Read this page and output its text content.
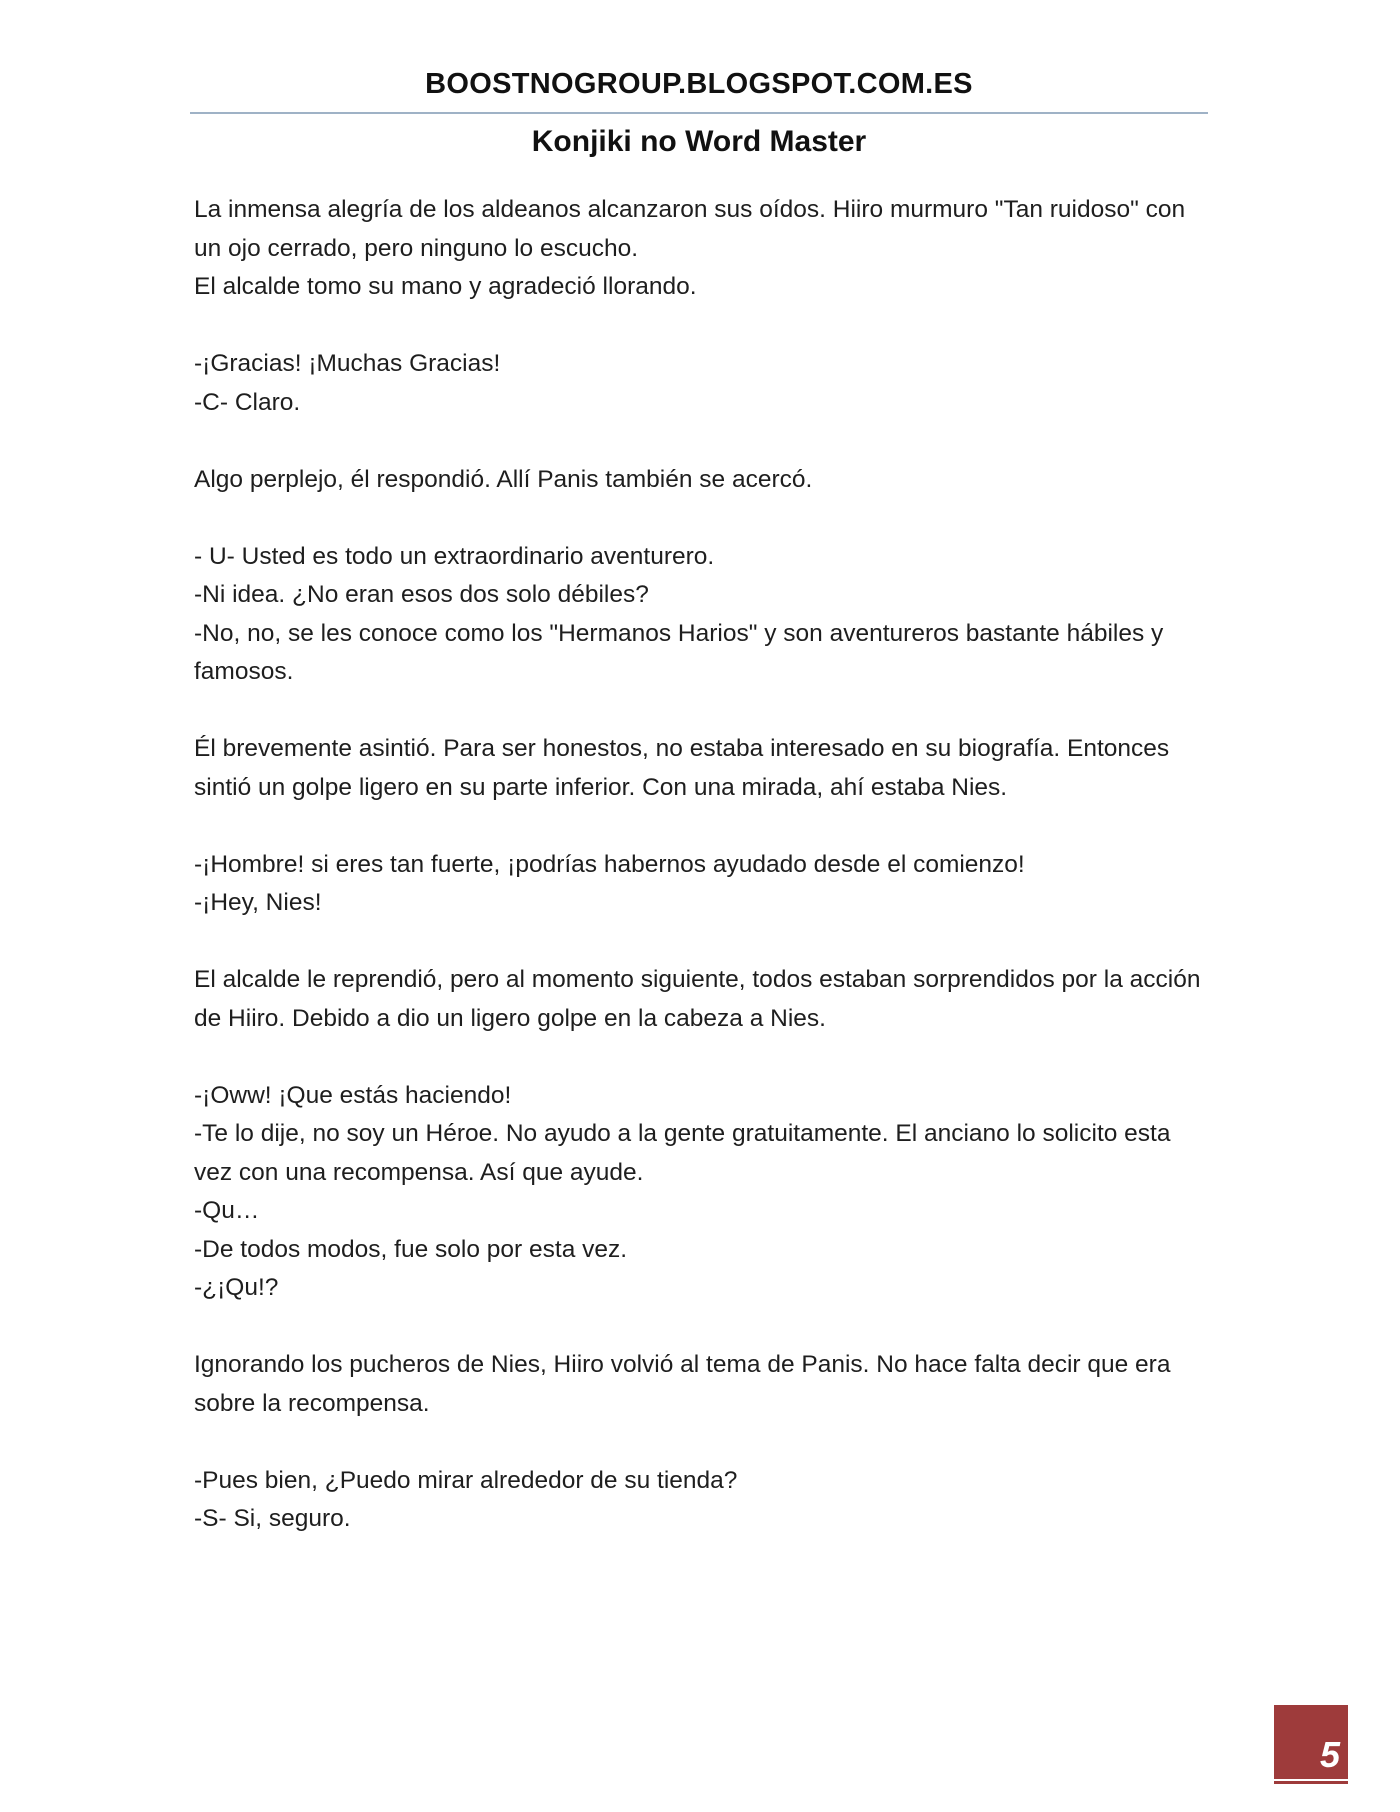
BOOSTNOGROUP.BLOGSPOT.COM.ES
Konjiki no Word Master

La inmensa alegría de los aldeanos alcanzaron sus oídos. Hiiro murmuro "Tan ruidoso" con un ojo cerrado, pero ninguno lo escucho.

El alcalde tomo su mano y agradeció llorando.

-¡Gracias! ¡Muchas Gracias!

-C- Claro.

Algo perplejo, él respondió. Allí Panis también se acercó.

- U- Usted es todo un extraordinario aventurero.

-Ni idea. ¿No eran esos dos solo débiles?

-No, no, se les conoce como los "Hermanos Harios" y son aventureros bastante hábiles y famosos.

Él brevemente asintió. Para ser honestos, no estaba interesado en su biografía. Entonces sintió un golpe ligero en su parte inferior. Con una mirada, ahí estaba Nies.

-¡Hombre! si eres tan fuerte, ¡podrías habernos ayudado desde el comienzo!

-¡Hey, Nies!

El alcalde le reprendió, pero al momento siguiente, todos estaban sorprendidos por la acción de Hiiro. Debido a dio un ligero golpe en la cabeza a Nies.

-¡Oww! ¡Que estás haciendo!

-Te lo dije, no soy un Héroe. No ayudo a la gente gratuitamente. El anciano lo solicito esta vez con una recompensa. Así que ayude.

-Qu…

-De todos modos, fue solo por esta vez.

-¿¡Qu!?

Ignorando los pucheros de Nies, Hiiro volvió al tema de Panis. No hace falta decir que era sobre la recompensa.

-Pues bien, ¿Puedo mirar alrededor de su tienda?

-S- Si, seguro.

5
